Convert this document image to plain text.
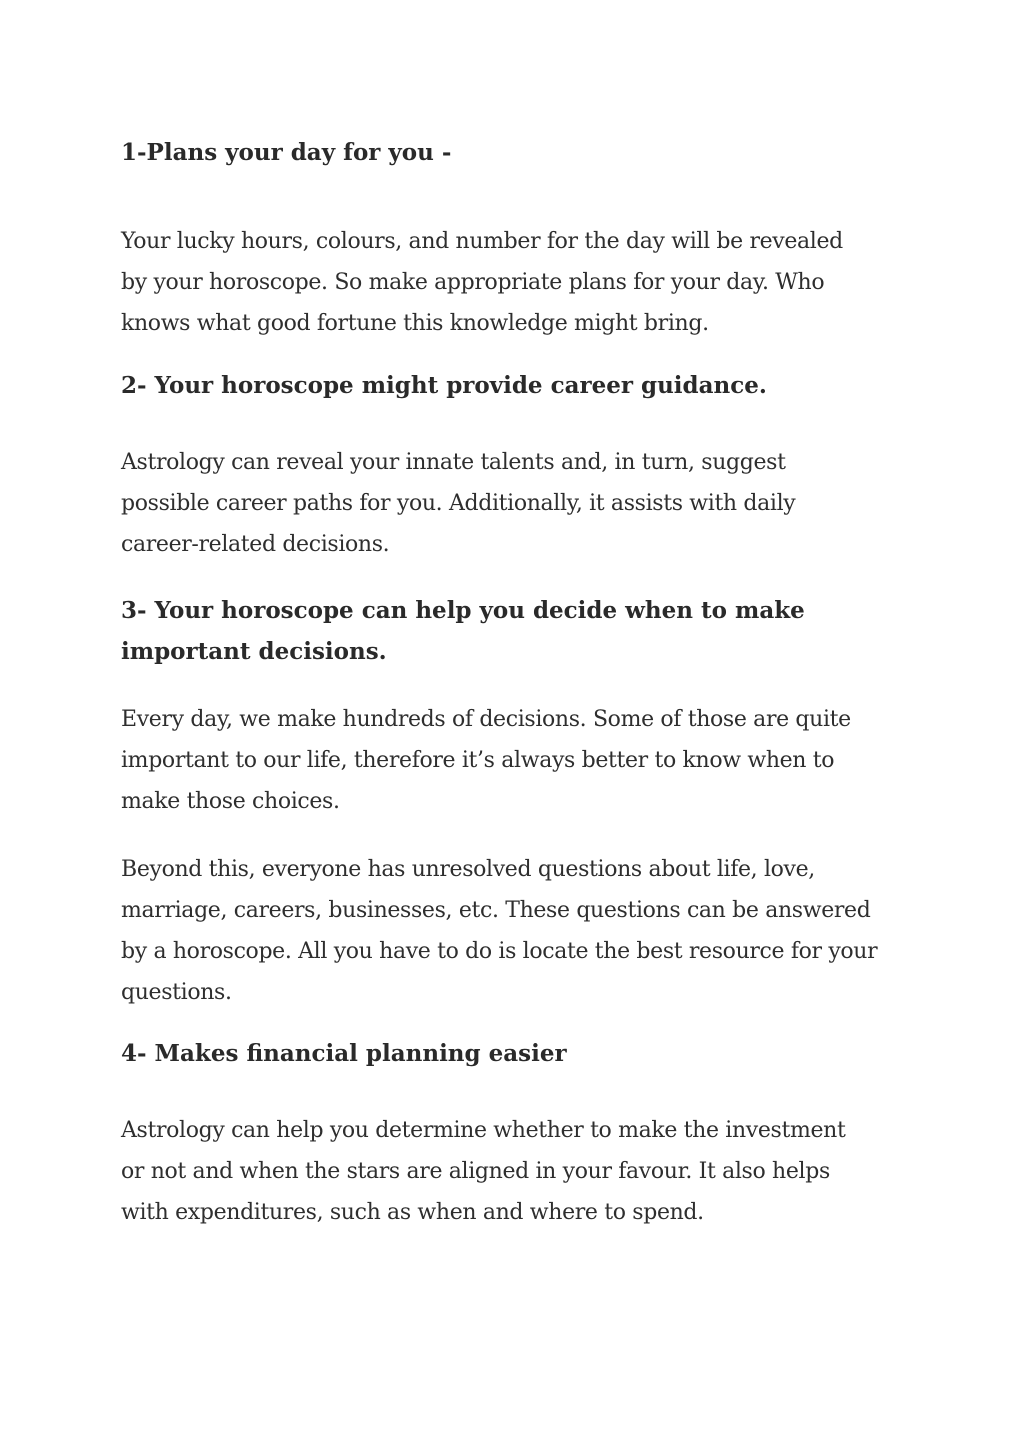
1-Plans your day for you -

Your lucky hours, colours, and number for the day will be revealed
by your horoscope. So make appropriate plans for your day. Who
knows what good fortune this knowledge might bring.

2- Your horoscope might provide career guidance.

Astrology can reveal your innate talents and, in turn, suggest
possible career paths for you. Additionally, it assists with daily
career-related decisions.

3- Your horoscope can help you decide when to make
important decisions.

Every day, we make hundreds of decisions. Some of those are quite
important to our life, therefore it’s always better to know when to
make those choices.

Beyond this, everyone has unresolved questions about life, love,
marriage, careers, businesses, etc. These questions can be answered
by a horoscope. All you have to do is locate the best resource for your
questions.

4- Makes financial planning easier

Astrology can help you determine whether to make the investment
or not and when the stars are aligned in your favour. It also helps
with expenditures, such as when and where to spend.
